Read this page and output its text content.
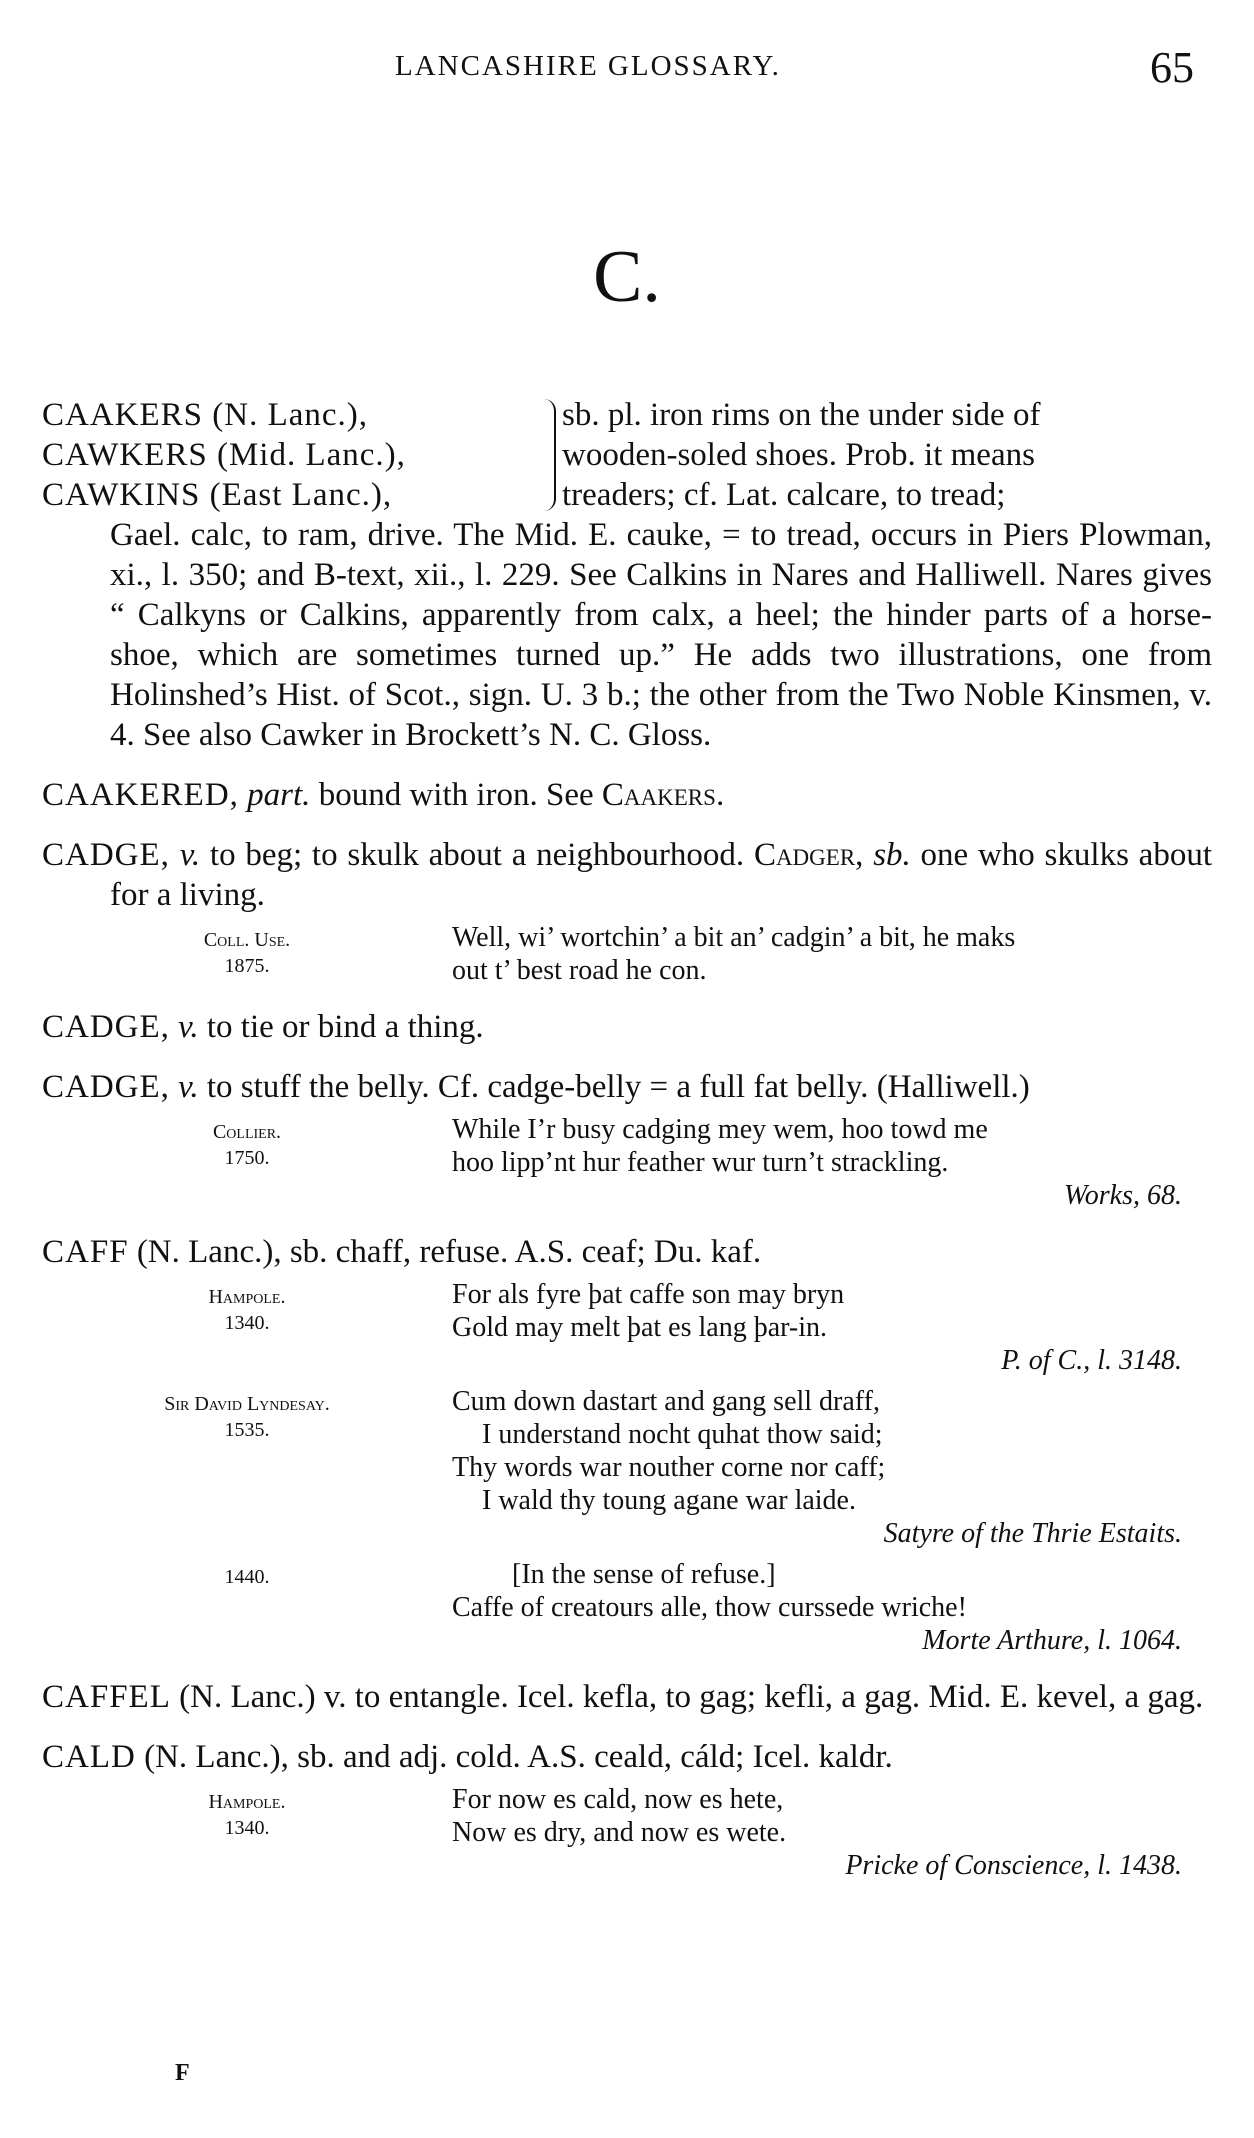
LANCASHIRE GLOSSARY.	65
C.
CAAKERS (N. Lanc.),
CAWKERS (Mid. Lanc.),
CAWKINS (East Lanc.),
sb. pl. iron rims on the under side of
wooden-soled shoes. Prob. it means
treaders; cf. Lat. calcare, to tread;

Gael. calc, to ram, drive. The Mid. E. cauke, = to tread, occurs in Piers Plowman, xi., l. 350; and B-text, xii., l. 229. See Calkins in Nares and Halliwell. Nares gives “ Calkyns or Calkins, apparently from calx, a heel; the hinder parts of a horse-shoe, which are sometimes turned up.” He adds two illustrations, one from Holinshed’s Hist. of Scot., sign. U. 3 b.; the other from the Two Noble Kinsmen, v. 4. See also Cawker in Brockett’s N. C. Gloss.

CAAKERED, part. bound with iron. See Caakers.

CADGE, v. to beg; to skulk about a neighbourhood. Cadger, sb. one who skulks about for a living.

Coll. Use.
1875.

Well, wi’ wortchin’ a bit an’ cadgin’ a bit, he maks

out t’ best road he con.

CADGE, v. to tie or bind a thing.

CADGE, v. to stuff the belly. Cf. cadge-belly = a full fat belly. (Halliwell.)

Collier.
1750.

While I’r busy cadging mey wem, hoo towd me

hoo lipp’nt hur feather wur turn’t strackling.

Works, 68.

CAFF (N. Lanc.), sb. chaff, refuse. A.S. ceaf; Du. kaf.

Hampole.
1340.

For als fyre þat caffe son may bryn

Gold may melt þat es lang þar-in.

P. of C., l. 3148.
Sir David Lyndesay.
1535.

Cum down dastart and gang sell draff,

I understand nocht quhat thow said;

Thy words war nouther corne nor caff;

I wald thy toung agane war laide.

Satyre of the Thrie Estaits.
1440.	[In the sense of refuse.]

Caffe of creatours alle, thow curssede wriche!

Morte Arthure, l. 1064.

CAFFEL (N. Lanc.) v. to entangle. Icel. kefla, to gag; kefli, a gag. Mid. E. kevel, a gag.

CALD (N. Lanc.), sb. and adj. cold. A.S. ceald, cáld; Icel. kaldr.

Hampole.
1340.

For now es cald, now es hete,

Now es dry, and now es wete.

Pricke of Conscience, l. 1438.
F
